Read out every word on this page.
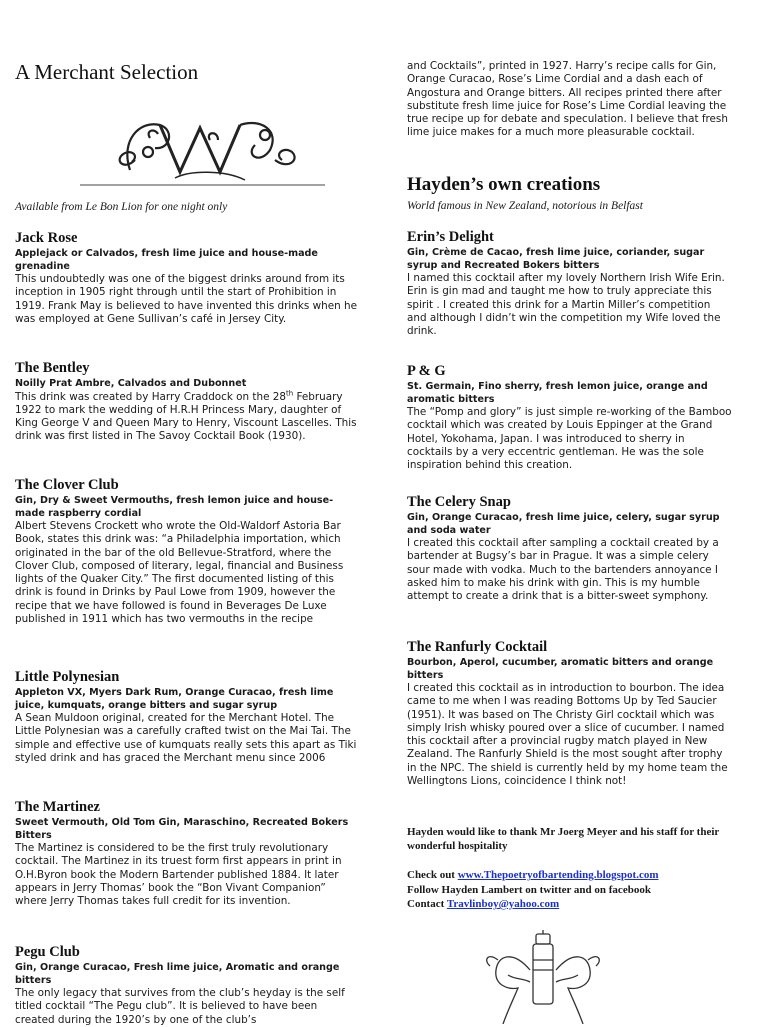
A Merchant Selection
Available from Le Bon Lion for one night only
Jack Rose
Applejack or Calvados, fresh lime juice and house-made grenadine

This undoubtedly was one of the biggest drinks around from its inception in 1905 right through until the start of Prohibition in 1919. Frank May is believed to have invented this drinks when he was employed at Gene Sullivan’s café in Jersey City.

The Bentley
Noilly Prat Ambre, Calvados and Dubonnet

This drink was created by Harry Craddock on the 28th February 1922 to mark the wedding of H.R.H Princess Mary, daughter of King George V and Queen Mary to Henry, Viscount Lascelles. This drink was first listed in The Savoy Cocktail Book (1930).

The Clover Club
Gin, Dry & Sweet Vermouths, fresh lemon juice and house-made raspberry cordial

Albert Stevens Crockett who wrote the Old-Waldorf Astoria Bar Book, states this drink was: “a Philadelphia importation, which originated in the bar of the old Bellevue-Stratford, where the Clover Club, composed of literary, legal, financial and Business lights of the Quaker City.” The first documented listing of this drink is found in Drinks by Paul Lowe from 1909, however the recipe that we have followed is found in Beverages De Luxe published in 1911 which has two vermouths in the recipe

Little Polynesian
Appleton VX, Myers Dark Rum, Orange Curacao, fresh lime juice, kumquats, orange bitters and sugar syrup

A Sean Muldoon original, created for the Merchant Hotel. The Little Polynesian was a carefully crafted twist on the Mai Tai. The simple and effective use of kumquats really sets this apart as Tiki styled drink and has graced the Merchant menu since 2006

The Martinez
Sweet Vermouth, Old Tom Gin, Maraschino, Recreated Bokers Bitters

The Martinez is considered to be the first truly revolutionary cocktail. The Martinez in its truest form first appears in print in O.H.Byron book the Modern Bartender published 1884. It later appears in Jerry Thomas’ book the “Bon Vivant Companion” where Jerry Thomas takes full credit for its invention.

Pegu Club
Gin, Orange Curacao, Fresh lime juice, Aromatic and orange bitters

The only legacy that survives from the club’s heyday is the self titled cocktail “The Pegu club”. It is believed to have been created during the 1920’s by one of the club’s

and Cocktails”, printed in 1927. Harry’s recipe calls for Gin, Orange Curacao, Rose’s Lime Cordial and a dash each of Angostura and Orange bitters. All recipes printed there after substitute fresh lime juice for Rose’s Lime Cordial leaving the true recipe up for debate and speculation. I believe that fresh lime juice makes for a much more pleasurable cocktail.

Hayden’s own creations
World famous in New Zealand, notorious in Belfast
Erin’s Delight
Gin, Crème de Cacao, fresh lime juice, coriander, sugar syrup and Recreated Bokers bitters

I named this cocktail after my lovely Northern Irish Wife Erin. Erin is gin mad and taught me how to truly appreciate this spirit . I created this drink for a Martin Miller’s competition and although I didn’t win the competition my Wife loved the drink.

P & G
St. Germain, Fino sherry, fresh lemon juice, orange and aromatic bitters

The “Pomp and glory” is just simple re-working of the Bamboo cocktail which was created by Louis Eppinger at the Grand Hotel, Yokohama, Japan. I was introduced to sherry in cocktails by a very eccentric gentleman. He was the sole inspiration behind this creation.

The Celery Snap
Gin, Orange Curacao, fresh lime juice, celery, sugar syrup and soda water

I created this cocktail after sampling a cocktail created by a bartender at Bugsy’s bar in Prague. It was a simple celery sour made with vodka. Much to the bartenders annoyance I asked him to make his drink with gin. This is my humble attempt to create a drink that is a bitter-sweet symphony.

The Ranfurly Cocktail
Bourbon, Aperol, cucumber, aromatic bitters and orange bitters

I created this cocktail as in introduction to bourbon. The idea came to me when I was reading Bottoms Up by Ted Saucier (1951). It was based on The Christy Girl cocktail which was simply Irish whisky poured over a slice of cucumber. I named this cocktail after a provincial rugby match played in New Zealand. The Ranfurly Shield is the most sought after trophy in the NPC. The shield is currently held by my home team the Wellingtons Lions, coincidence I think not!

Hayden would like to thank Mr Joerg Meyer and his staff for their wonderful hospitality
Check out www.Thepoetryofbartending.blogspot.com
Follow Hayden Lambert on twitter and on facebook
Contact Travlinboy@yahoo.com
